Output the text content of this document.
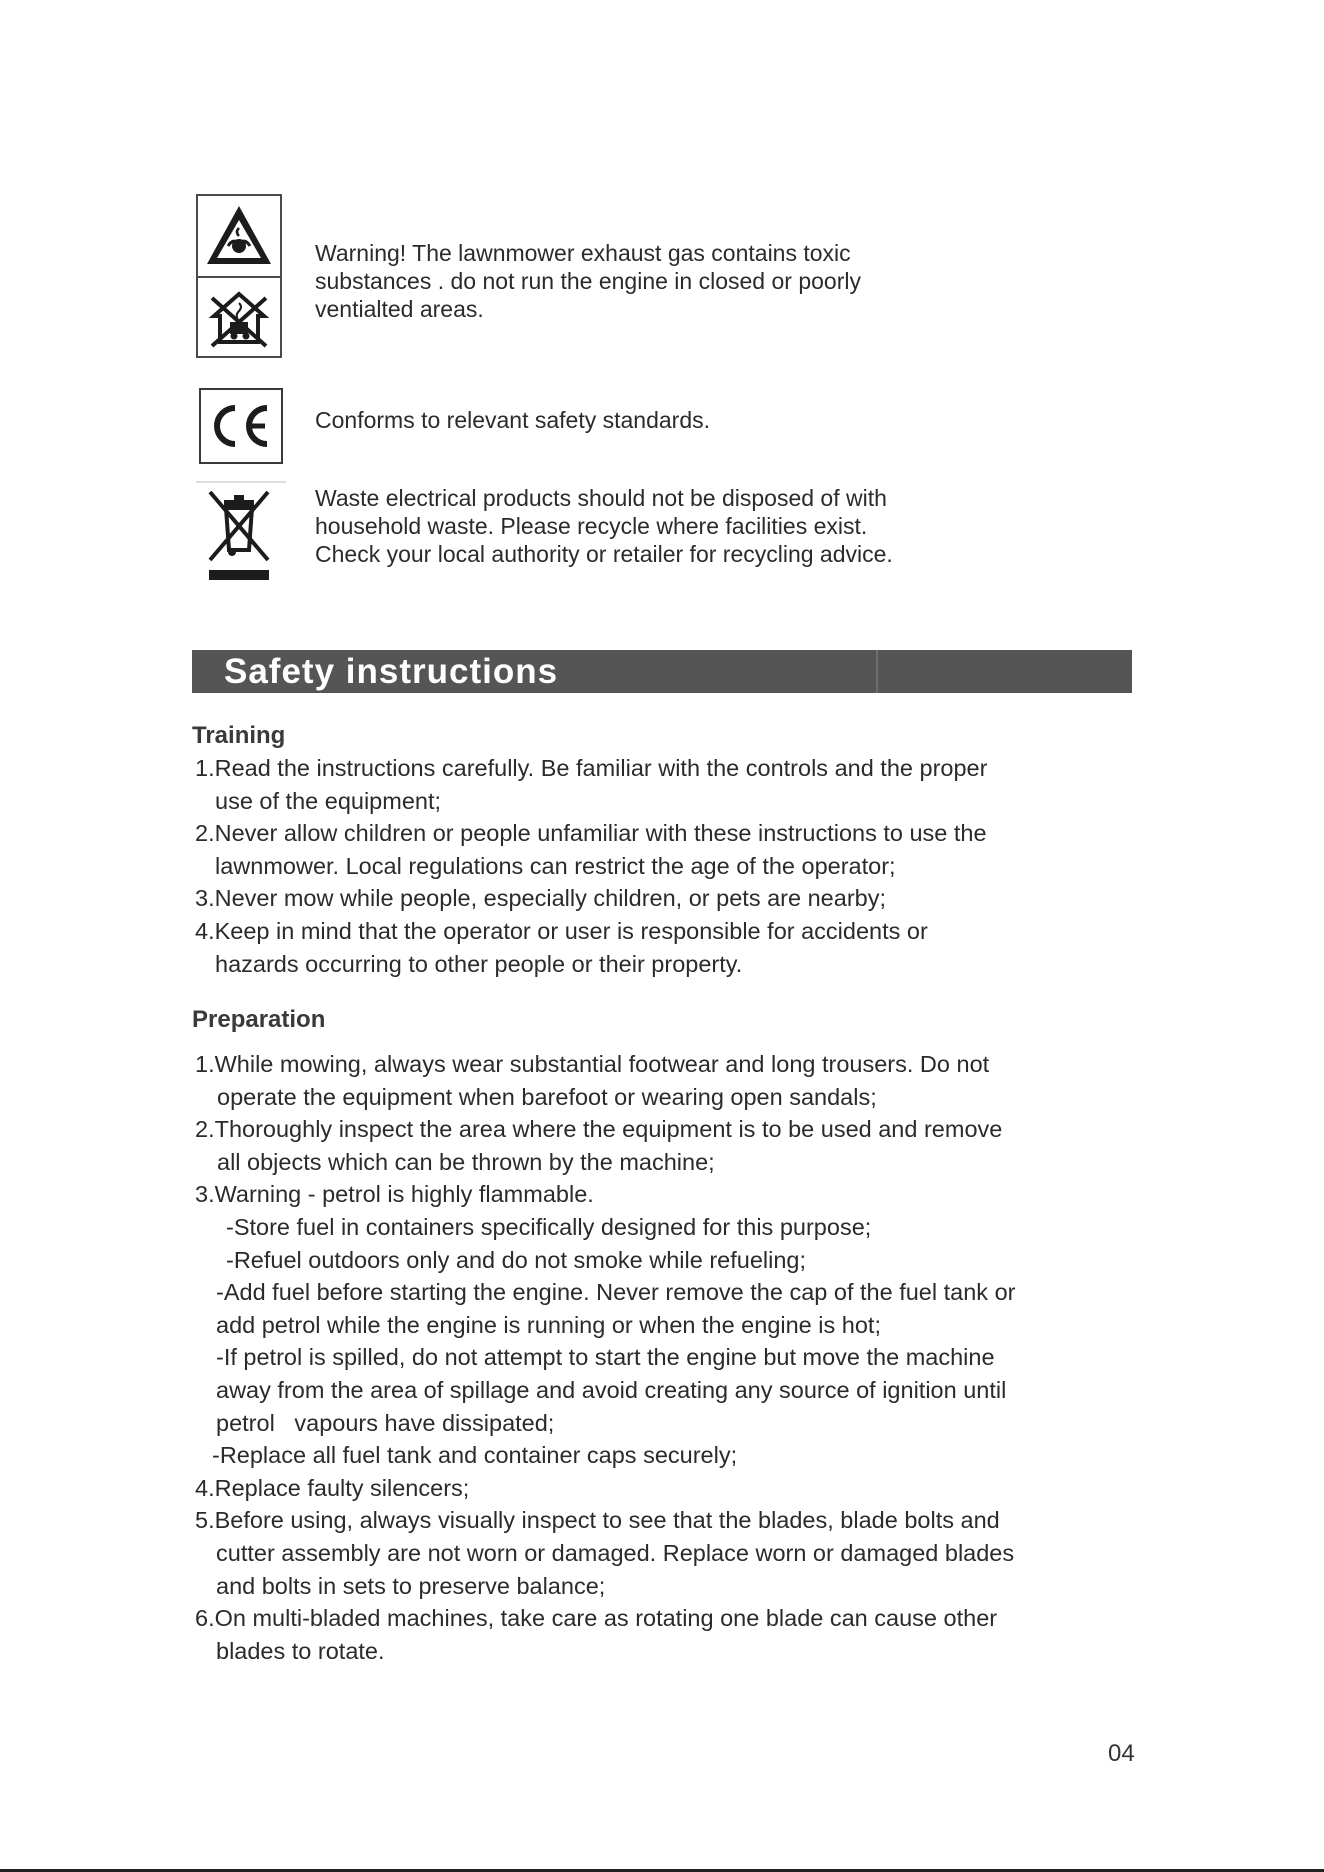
Warning! The lawnmower exhaust gas contains toxic
substances . do not run the engine in closed or poorly
ventialted areas.
Conforms to relevant safety standards.
Waste electrical products should not be disposed of with
household waste. Please recycle where facilities exist.
Check your local authority or retailer for recycling advice.
Safety instructions
Training
1.Read the instructions carefully. Be familiar with the controls and the proper
use of the equipment;
2.Never allow children or people unfamiliar with these instructions to use the
lawnmower. Local regulations can restrict the age of the operator;
3.Never mow while people, especially children, or pets are nearby;
4.Keep in mind that the operator or user is responsible for accidents or
hazards occurring to other people or their property.
Preparation
1.While mowing, always wear substantial footwear and long trousers. Do not
operate the equipment when barefoot or wearing open sandals;
2.Thoroughly inspect the area where the equipment is to be used and remove
all objects which can be thrown by the machine;
3.Warning - petrol is highly flammable.
-Store fuel in containers specifically designed for this purpose;
-Refuel outdoors only and do not smoke while refueling;
-Add fuel before starting the engine. Never remove the cap of the fuel tank or
add petrol while the engine is running or when the engine is hot;
-If petrol is spilled, do not attempt to start the engine but move the machine
away from the area of spillage and avoid creating any source of ignition until
petrol   vapours have dissipated;
-Replace all fuel tank and container caps securely;
4.Replace faulty silencers;
5.Before using, always visually inspect to see that the blades, blade bolts and
cutter assembly are not worn or damaged. Replace worn or damaged blades
and bolts in sets to preserve balance;
6.On multi-bladed machines, take care as rotating one blade can cause other
blades to rotate.
04
